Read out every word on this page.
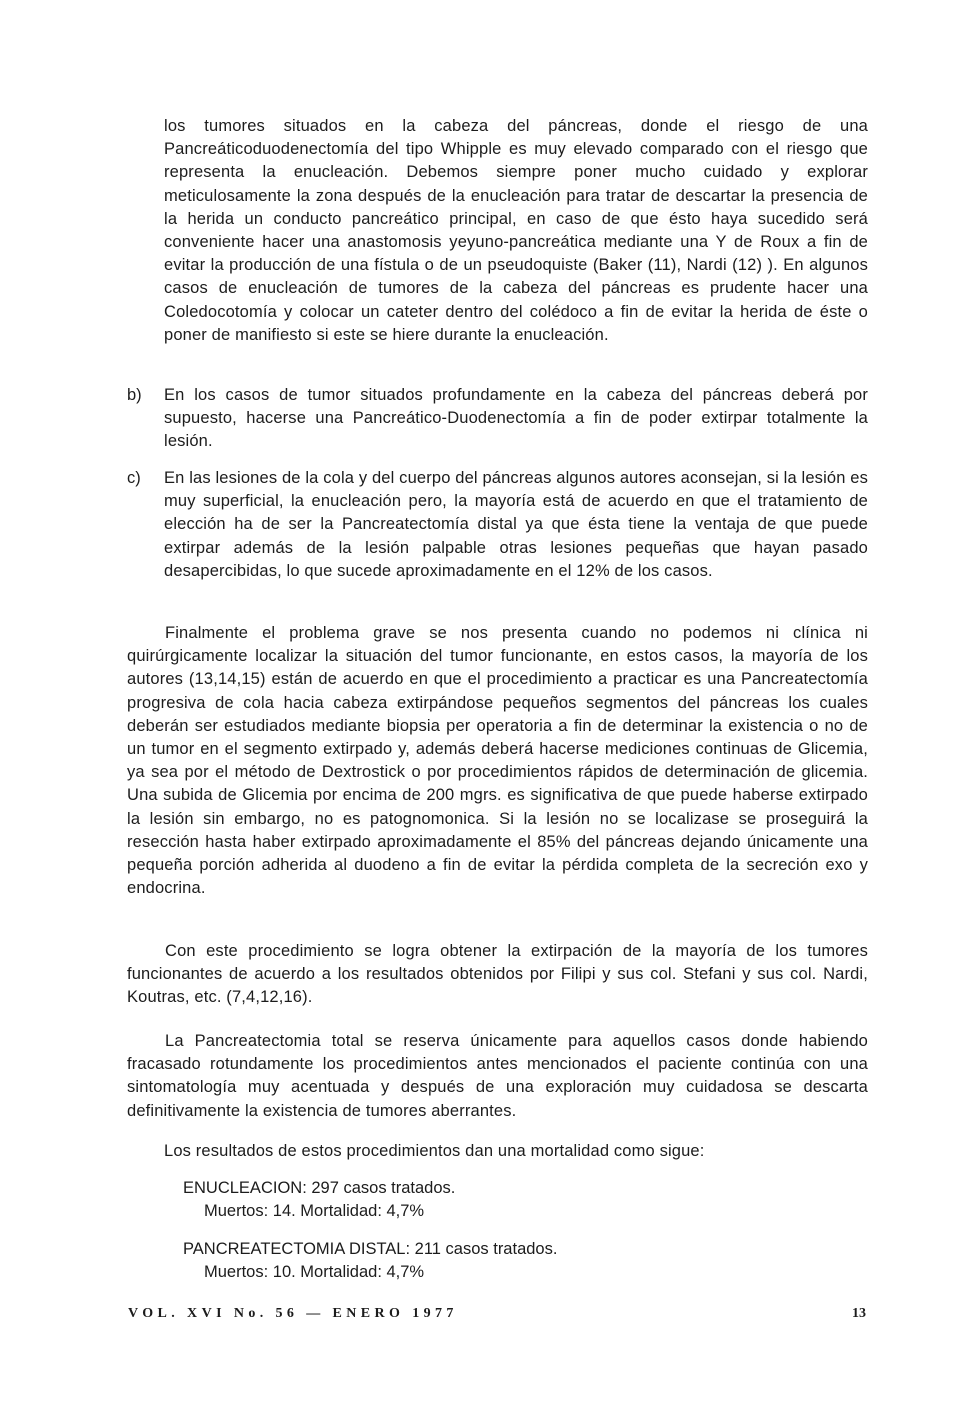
los tumores situados en la cabeza del páncreas, donde el riesgo de una Pancreáticoduodenectomía del tipo Whipple es muy elevado comparado con el riesgo que representa la enucleación. Debemos siempre poner mucho cuidado y explorar meticulosamente la zona después de la enucleación para tratar de descartar la presencia de la herida un conducto pancreático principal, en caso de que ésto haya sucedido será conveniente hacer una anastomosis yeyuno-pancreática mediante una Y de Roux a fin de evitar la producción de una fístula o de un pseudoquiste (Baker (11), Nardi (12) ). En algunos casos de enucleación de tumores de la cabeza del páncreas es prudente hacer una Coledocotomía y colocar un cateter dentro del colédoco a fin de evitar la herida de éste o poner de manifiesto si este se hiere durante la enucleación.

b) En los casos de tumor situados profundamente en la cabeza del páncreas deberá por supuesto, hacerse una Pancreático-Duodenectomía a fin de poder extirpar totalmente la lesión.

c) En las lesiones de la cola y del cuerpo del páncreas algunos autores aconsejan, si la lesión es muy superficial, la enucleación pero, la mayoría está de acuerdo en que el tratamiento de elección ha de ser la Pancreatectomía distal ya que ésta tiene la ventaja de que puede extirpar además de la lesión palpable otras lesiones pequeñas que hayan pasado desapercibidas, lo que sucede aproximadamente en el 12% de los casos.

Finalmente el problema grave se nos presenta cuando no podemos ni clínica ni quirúrgicamente localizar la situación del tumor funcionante, en estos casos, la mayoría de los autores (13,14,15) están de acuerdo en que el procedimiento a practicar es una Pancreatectomía progresiva de cola hacia cabeza extirpándose pequeños segmentos del páncreas los cuales deberán ser estudiados mediante biopsia per operatoria a fin de determinar la existencia o no de un tumor en el segmento extirpado y, además deberá hacerse mediciones continuas de Glicemia, ya sea por el método de Dextrostick o por procedimientos rápidos de determinación de glicemia. Una subida de Glicemia por encima de 200 mgrs. es significativa de que puede haberse extirpado la lesión sin embargo, no es patognomonica. Si la lesión no se localizase se proseguirá la resección hasta haber extirpado aproximadamente el 85% del páncreas dejando únicamente una pequeña porción adherida al duodeno a fin de evitar la pérdida completa de la secreción exo y endocrina.

Con este procedimiento se logra obtener la extirpación de la mayoría de los tumores funcionantes de acuerdo a los resultados obtenidos por Filipi y sus col. Stefani y sus col. Nardi, Koutras, etc. (7,4,12,16).

La Pancreatectomia total se reserva únicamente para aquellos casos donde habiendo fracasado rotundamente los procedimientos antes mencionados el paciente continúa con una sintomatología muy acentuada y después de una exploración muy cuidadosa se descarta definitivamente la existencia de tumores aberrantes.

Los resultados de estos procedimientos dan una mortalidad como sigue:

ENUCLEACION: 297 casos tratados.

Muertos: 14. Mortalidad: 4,7%

PANCREATECTOMIA DISTAL: 211 casos tratados.

Muertos: 10. Mortalidad: 4,7%

VOL. XVI No. 56 — ENERO 1977	13
